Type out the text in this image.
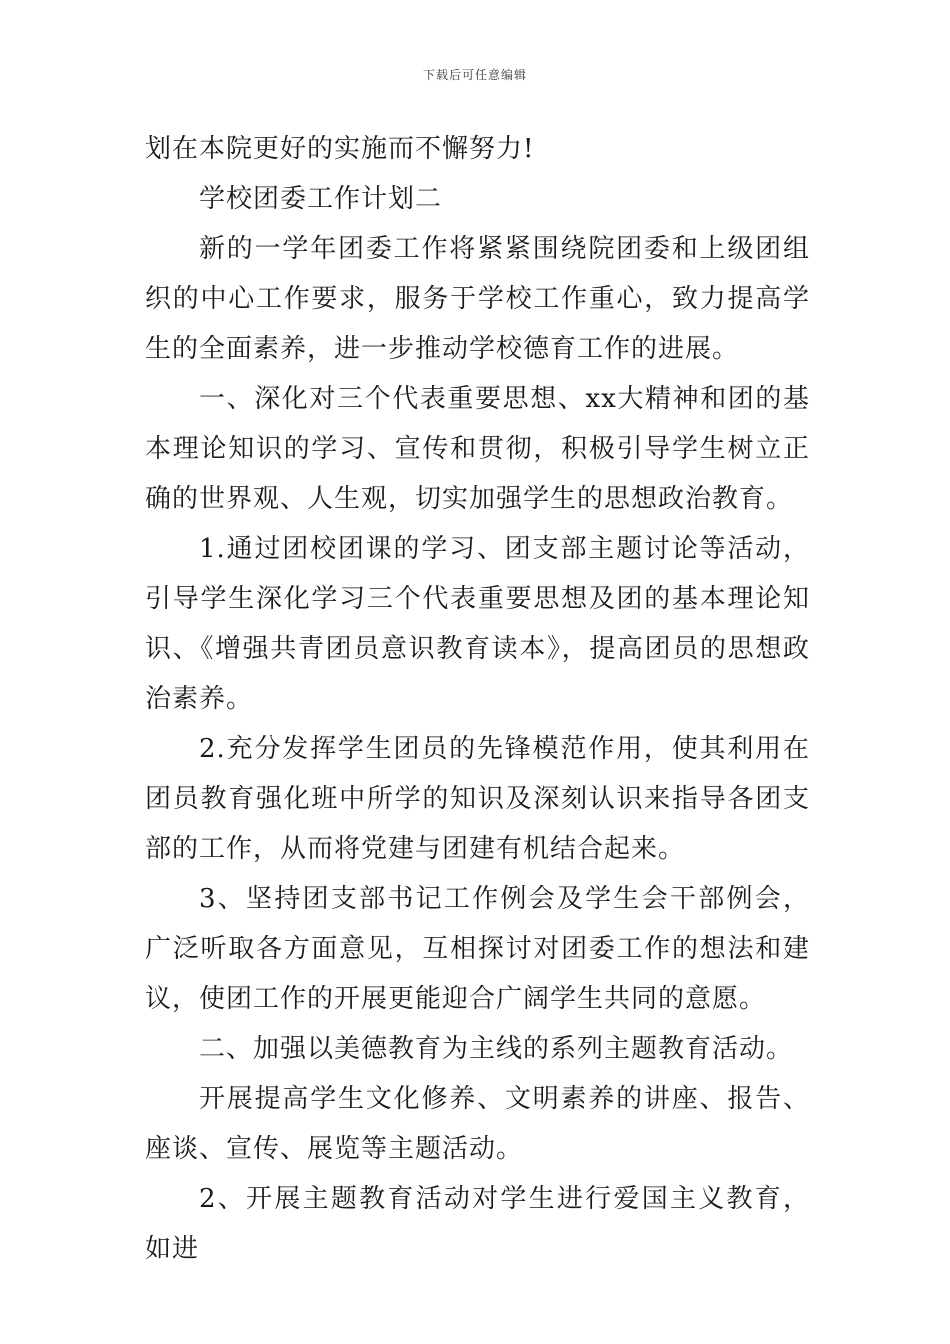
下载后可任意编辑

划在本院更好的实施而不懈努力!

学校团委工作计划二

新的一学年团委工作将紧紧围绕院团委和上级团组织的中心工作要求，服务于学校工作重心，致力提高学生的全面素养，进一步推动学校德育工作的进展。

一、深化对三个代表重要思想、xx大精神和团的基本理论知识的学习、宣传和贯彻，积极引导学生树立正确的世界观、人生观，切实加强学生的思想政治教育。

1.通过团校团课的学习、团支部主题讨论等活动，引导学生深化学习三个代表重要思想及团的基本理论知识、《增强共青团员意识教育读本》，提高团员的思想政治素养。

2.充分发挥学生团员的先锋模范作用，使其利用在团员教育强化班中所学的知识及深刻认识来指导各团支部的工作，从而将党建与团建有机结合起来。

3、坚持团支部书记工作例会及学生会干部例会，广泛听取各方面意见，互相探讨对团委工作的想法和建议，使团工作的开展更能迎合广阔学生共同的意愿。

二、加强以美德教育为主线的系列主题教育活动。

开展提高学生文化修养、文明素养的讲座、报告、座谈、宣传、展览等主题活动。

2、开展主题教育活动对学生进行爱国主义教育，如进
